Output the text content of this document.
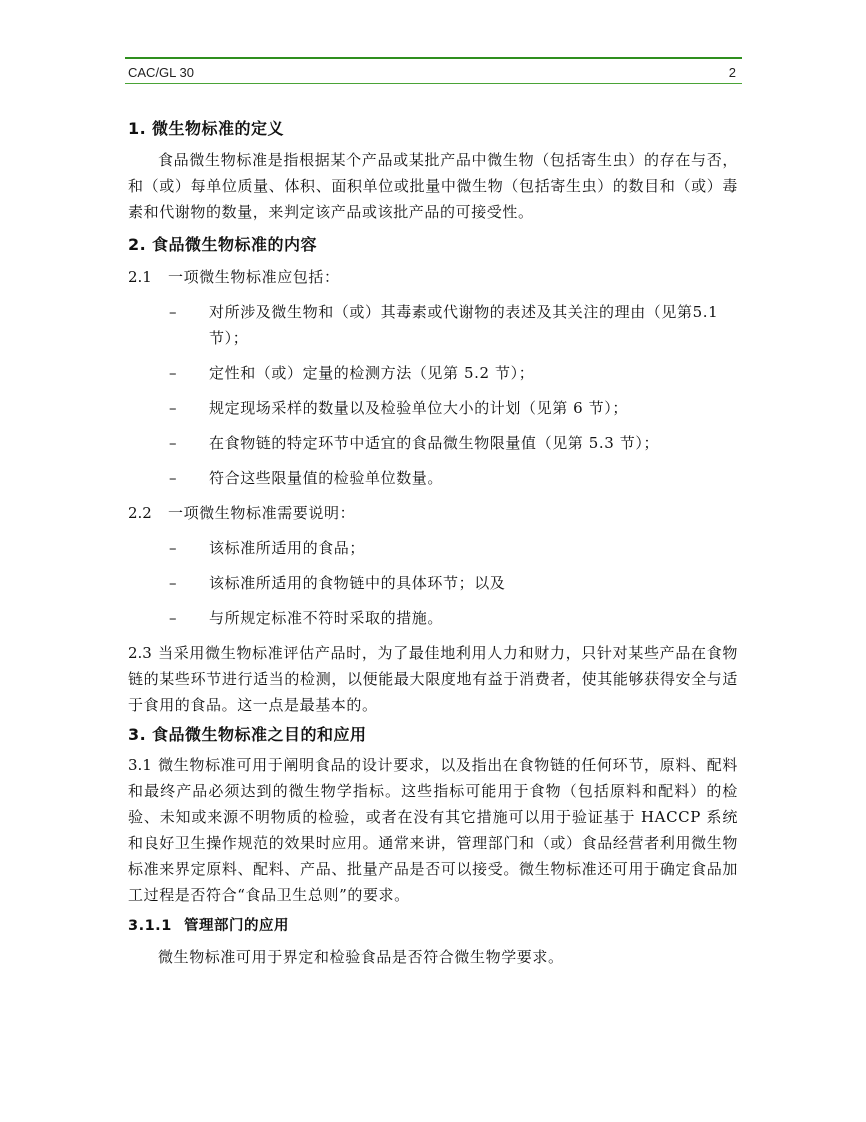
CAC/GL 30	2
1. 微生物标准的定义

食品微生物标准是指根据某个产品或某批产品中微生物（包括寄生虫）的存在与否，和（或）每单位质量、体积、面积单位或批量中微生物（包括寄生虫）的数目和（或）毒素和代谢物的数量，来判定该产品或该批产品的可接受性。

2. 食品微生物标准的内容

2.1 一项微生物标准应包括：

– 对所涉及微生物和（或）其毒素或代谢物的表述及其关注的理由（见第5.1 节）；
– 定性和（或）定量的检测方法（见第 5.2 节）；
– 规定现场采样的数量以及检验单位大小的计划（见第 6 节）；
– 在食物链的特定环节中适宜的食品微生物限量值（见第 5.3 节）；
– 符合这些限量值的检验单位数量。

2.2 一项微生物标准需要说明：

– 该标准所适用的食品；
– 该标准所适用的食物链中的具体环节；以及
– 与所规定标准不符时采取的措施。

2.3 当采用微生物标准评估产品时，为了最佳地利用人力和财力，只针对某些产品在食物链的某些环节进行适当的检测，以便能最大限度地有益于消费者，使其能够获得安全与适于食用的食品。这一点是最基本的。

3. 食品微生物标准之目的和应用

3.1 微生物标准可用于阐明食品的设计要求，以及指出在食物链的任何环节，原料、配料和最终产品必须达到的微生物学指标。这些指标可能用于食物（包括原料和配料）的检验、未知或来源不明物质的检验，或者在没有其它措施可以用于验证基于 HACCP 系统和良好卫生操作规范的效果时应用。通常来讲，管理部门和（或）食品经营者利用微生物标准来界定原料、配料、产品、批量产品是否可以接受。微生物标准还可用于确定食品加工过程是否符合“食品卫生总则”的要求。

3.1.1 管理部门的应用

微生物标准可用于界定和检验食品是否符合微生物学要求。
